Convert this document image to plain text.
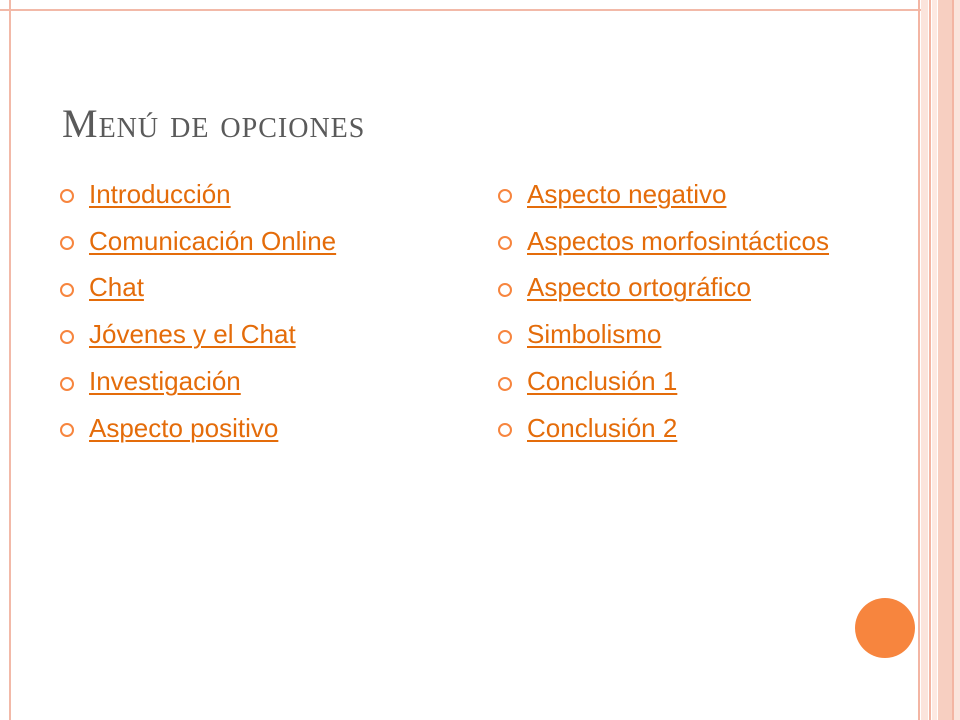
Menú de opciones
Introducción
Comunicación Online
Chat
Jóvenes y el Chat
Investigación
Aspecto positivo
Aspecto negativo
Aspectos morfosintácticos
Aspecto ortográfico
Simbolismo
Conclusión 1
Conclusión 2
